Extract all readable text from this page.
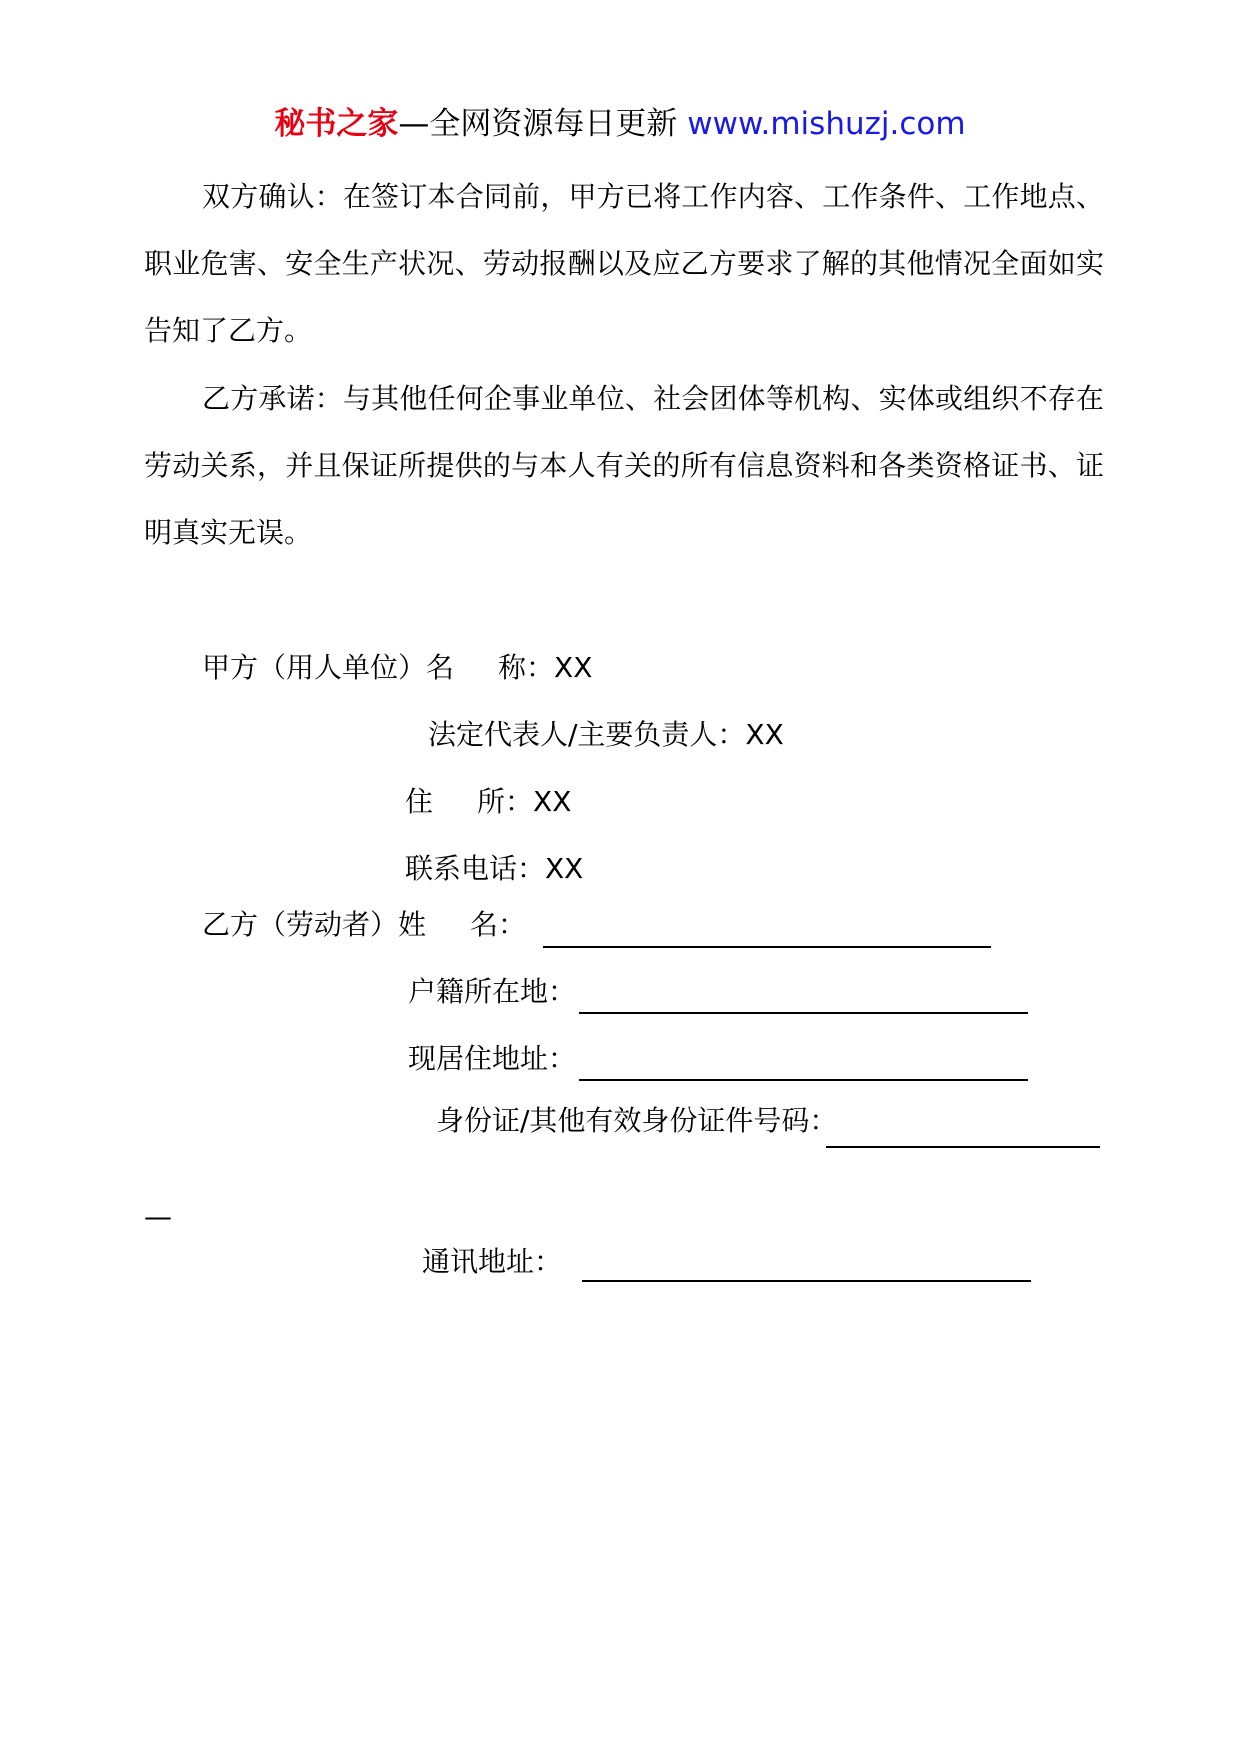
秘书之家—全网资源每日更新 www.mishuzj.com
双方确认：在签订本合同前，甲方已将工作内容、工作条件、工作地点、职业危害、安全生产状况、劳动报酬以及应乙方要求了解的其他情况全面如实告知了乙方。
乙方承诺：与其他任何企事业单位、社会团体等机构、实体或组织不存在劳动关系，并且保证所提供的与本人有关的所有信息资料和各类资格证书、证明真实无误。
甲方（用人单位）名 称：XX
法定代表人/主要负责人：XX
住 所：XX
联系电话：XX
乙方（劳动者）姓 名：
户籍所在地：
现居住地址：
身份证/其他有效身份证件号码：
—
通讯地址：
